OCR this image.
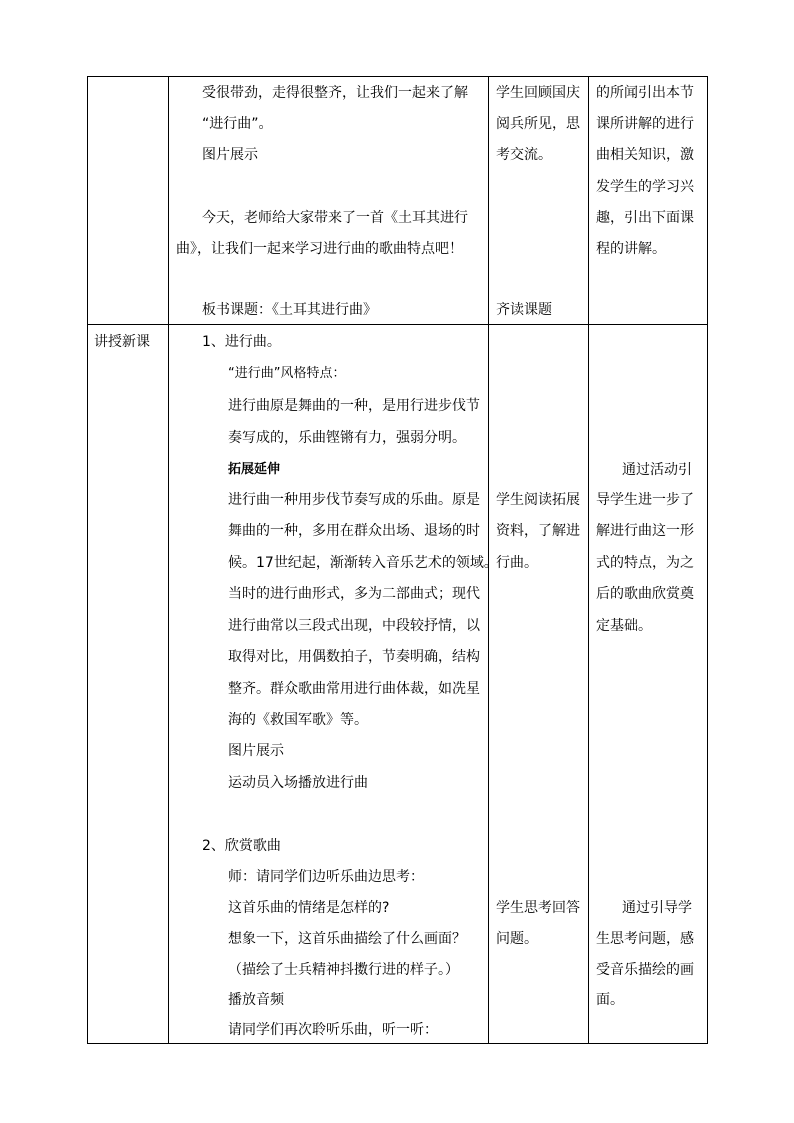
受很带劲，走得很整齐，让我们一起来了解
“进行曲”。
图片展示
今天，老师给大家带来了一首《土耳其进行
曲》，让我们一起来学习进行曲的歌曲特点吧！
板书课题：《土耳其进行曲》
学生回顾国庆
阅兵所见，思
考交流。
齐读课题
的所闻引出本节
课所讲解的进行
曲相关知识，激
发学生的学习兴
趣，引出下面课
程的讲解。
讲授新课	1、进行曲。
“进行曲”风格特点：
进行曲原是舞曲的一种，是用行进步伐节
奏写成的，乐曲铿锵有力，强弱分明。
拓展延伸
进行曲一种用步伐节奏写成的乐曲。原是
舞曲的一种，多用在群众出场、退场的时
候。17世纪起，渐渐转入音乐艺术的领域。
当时的进行曲形式，多为二部曲式；现代
进行曲常以三段式出现，中段较抒情，以
取得对比，用偶数拍子，节奏明确，结构
整齐。群众歌曲常用进行曲体裁，如冼星
海的《救国军歌》等。
图片展示
运动员入场播放进行曲
2、欣赏歌曲
师：请同学们边听乐曲边思考：
这首乐曲的情绪是怎样的?
想象一下，这首乐曲描绘了什么画面？
（描绘了士兵精神抖擞行进的样子。）
播放音频
请同学们再次聆听乐曲，听一听：
学生阅读拓展
资料，了解进
行曲。
学生思考回答
问题。
通过活动引
导学生进一步了
解进行曲这一形
式的特点，为之
后的歌曲欣赏奠
定基础。
通过引导学
生思考问题，感
受音乐描绘的画
面。
